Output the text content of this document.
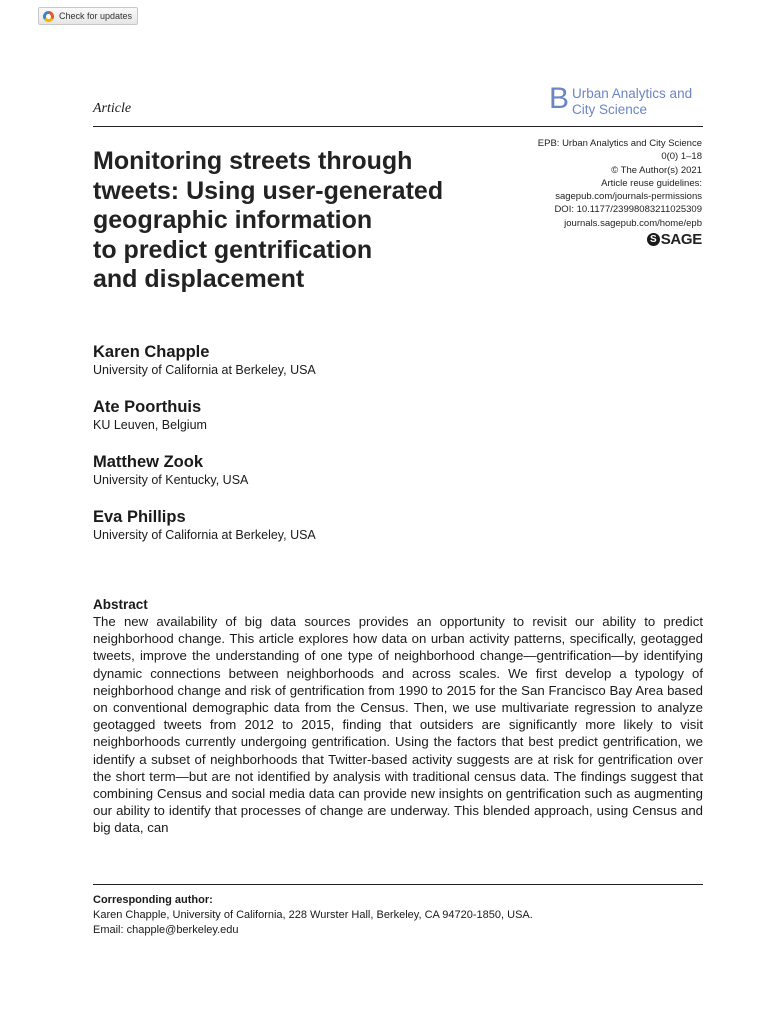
Check for updates
Article	B Urban Analytics and
City Science
EPB: Urban Analytics and City Science
0(0) 1–18
© The Author(s) 2021
Article reuse guidelines:
sagepub.com/journals-permissions
DOI: 10.1177/23998083211025309
journals.sagepub.com/home/epb
S SAGE
Monitoring streets through
tweets: Using user-generated
geographic information
to predict gentrification
and displacement
Karen Chapple
University of California at Berkeley, USA
Ate Poorthuis
KU Leuven, Belgium
Matthew Zook
University of Kentucky, USA
Eva Phillips
University of California at Berkeley, USA
Abstract

The new availability of big data sources provides an opportunity to revisit our ability to predict neighborhood change. This article explores how data on urban activity patterns, specifically, geotagged tweets, improve the understanding of one type of neighborhood change—gentrification—by identifying dynamic connections between neighborhoods and across scales. We first develop a typology of neighborhood change and risk of gentrification from 1990 to 2015 for the San Francisco Bay Area based on conventional demographic data from the Census. Then, we use multivariate regression to analyze geotagged tweets from 2012 to 2015, finding that outsiders are significantly more likely to visit neighborhoods currently undergoing gentrification. Using the factors that best predict gentrification, we identify a subset of neighborhoods that Twitter-based activity suggests are at risk for gentrification over the short term—but are not identified by analysis with traditional census data. The findings suggest that combining Census and social media data can provide new insights on gentrification such as augmenting our ability to identify that processes of change are underway. This blended approach, using Census and big data, can

Corresponding author:
Karen Chapple, University of California, 228 Wurster Hall, Berkeley, CA 94720-1850, USA.
Email: chapple@berkeley.edu
